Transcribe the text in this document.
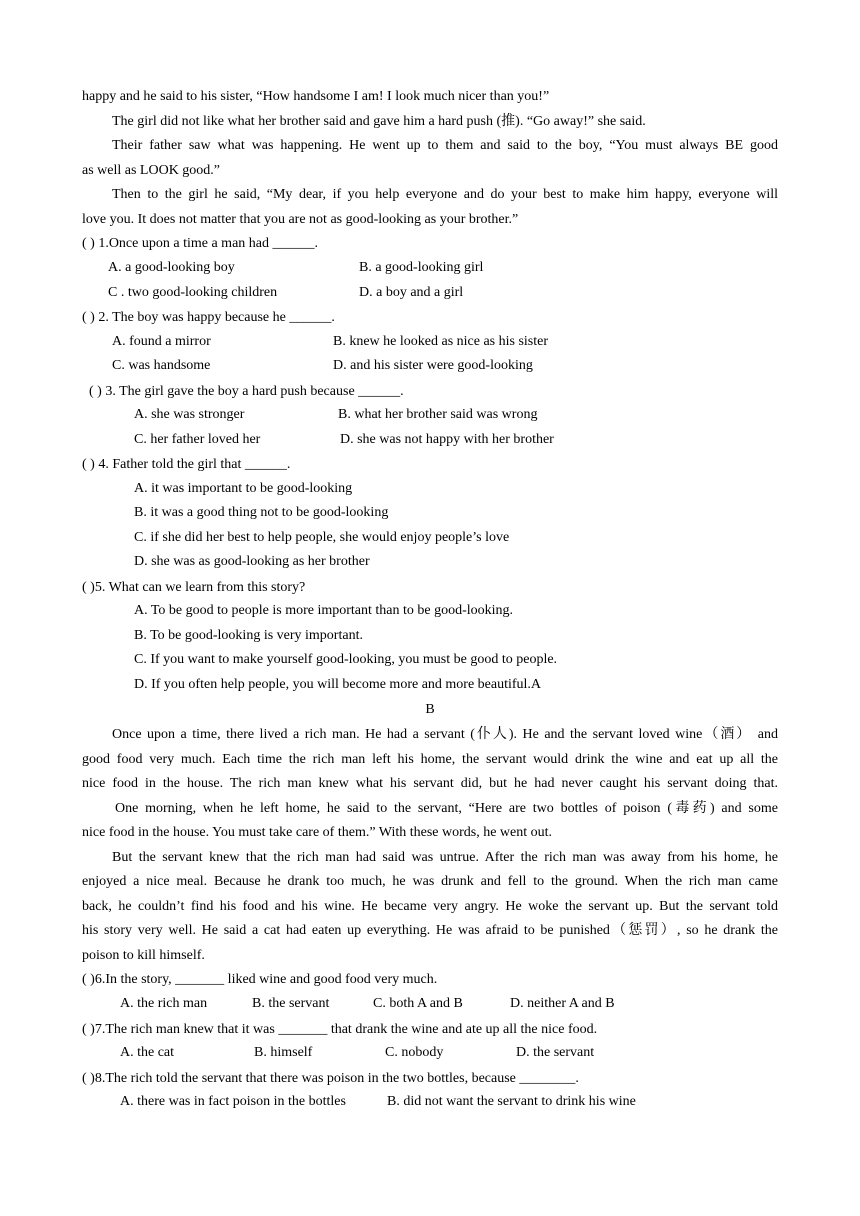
happy and he said to his sister, “How handsome I am! I look much nicer than you!”
The girl did not like what her brother said and gave him a hard push (推). “Go away!” she said.
Their father saw what was happening. He went up to them and said to the boy, “You must always BE good
as well as LOOK good.”
Then to the girl he said, “My dear, if you help everyone and do your best to make him happy, everyone will
love you. It does not matter that you are not as good-looking as your brother.”
( ) 1.Once upon a time a man had ______.
A. a good-looking boy	B. a good-looking girl
C . two good-looking children	D. a boy and a girl
( ) 2. The boy was happy because he ______.
A. found a mirror	B. knew he looked as nice as his sister
C. was handsome	D. and his sister were good-looking
( ) 3. The girl gave the boy a hard push because ______.
A. she was stronger	B. what her brother said was wrong
C. her father loved her	D. she was not happy with her brother
( ) 4. Father told the girl that ______.
A. it was important to be good-looking
B. it was a good thing not to be good-looking
C. if she did her best to help people, she would enjoy people’s love
D. she was as good-looking as her brother
( )5. What can we learn from this story?
A. To be good to people is more important than to be good-looking.
B. To be good-looking is very important.
C. If you want to make yourself good-looking, you must be good to people.
D. If you often help people, you will become more and more beautiful.A
B
Once upon a time, there lived a rich man. He had a servant (仆人). He and the servant loved wine（酒） and
good food very much. Each time the rich man left his home, the servant would drink the wine and eat up all the
nice food in the house. The rich man knew what his servant did, but he had never caught his servant doing that.
One morning, when he left home, he said to the servant, “Here are two bottles of poison (毒药) and some
nice food in the house. You must take care of them.” With these words, he went out.
But the servant knew that the rich man had said was untrue. After the rich man was away from his home, he
enjoyed a nice meal. Because he drank too much, he was drunk and fell to the ground. When the rich man came
back, he couldn’t find his food and his wine. He became very angry. He woke the servant up. But the servant told
his story very well. He said a cat had eaten up everything. He was afraid to be punished（惩罚）, so he drank the
poison to kill himself.
( )6.In the story, _______ liked wine and good food very much.
A. the rich man	B. the servant	C. both A and B	D. neither A and B
( )7.The rich man knew that it was _______ that drank the wine and ate up all the nice food.
A. the cat	B. himself	C. nobody	D. the servant
( )8.The rich told the servant that there was poison in the two bottles, because ________.
A. there was in fact poison in the bottles	B. did not want the servant to drink his wine
